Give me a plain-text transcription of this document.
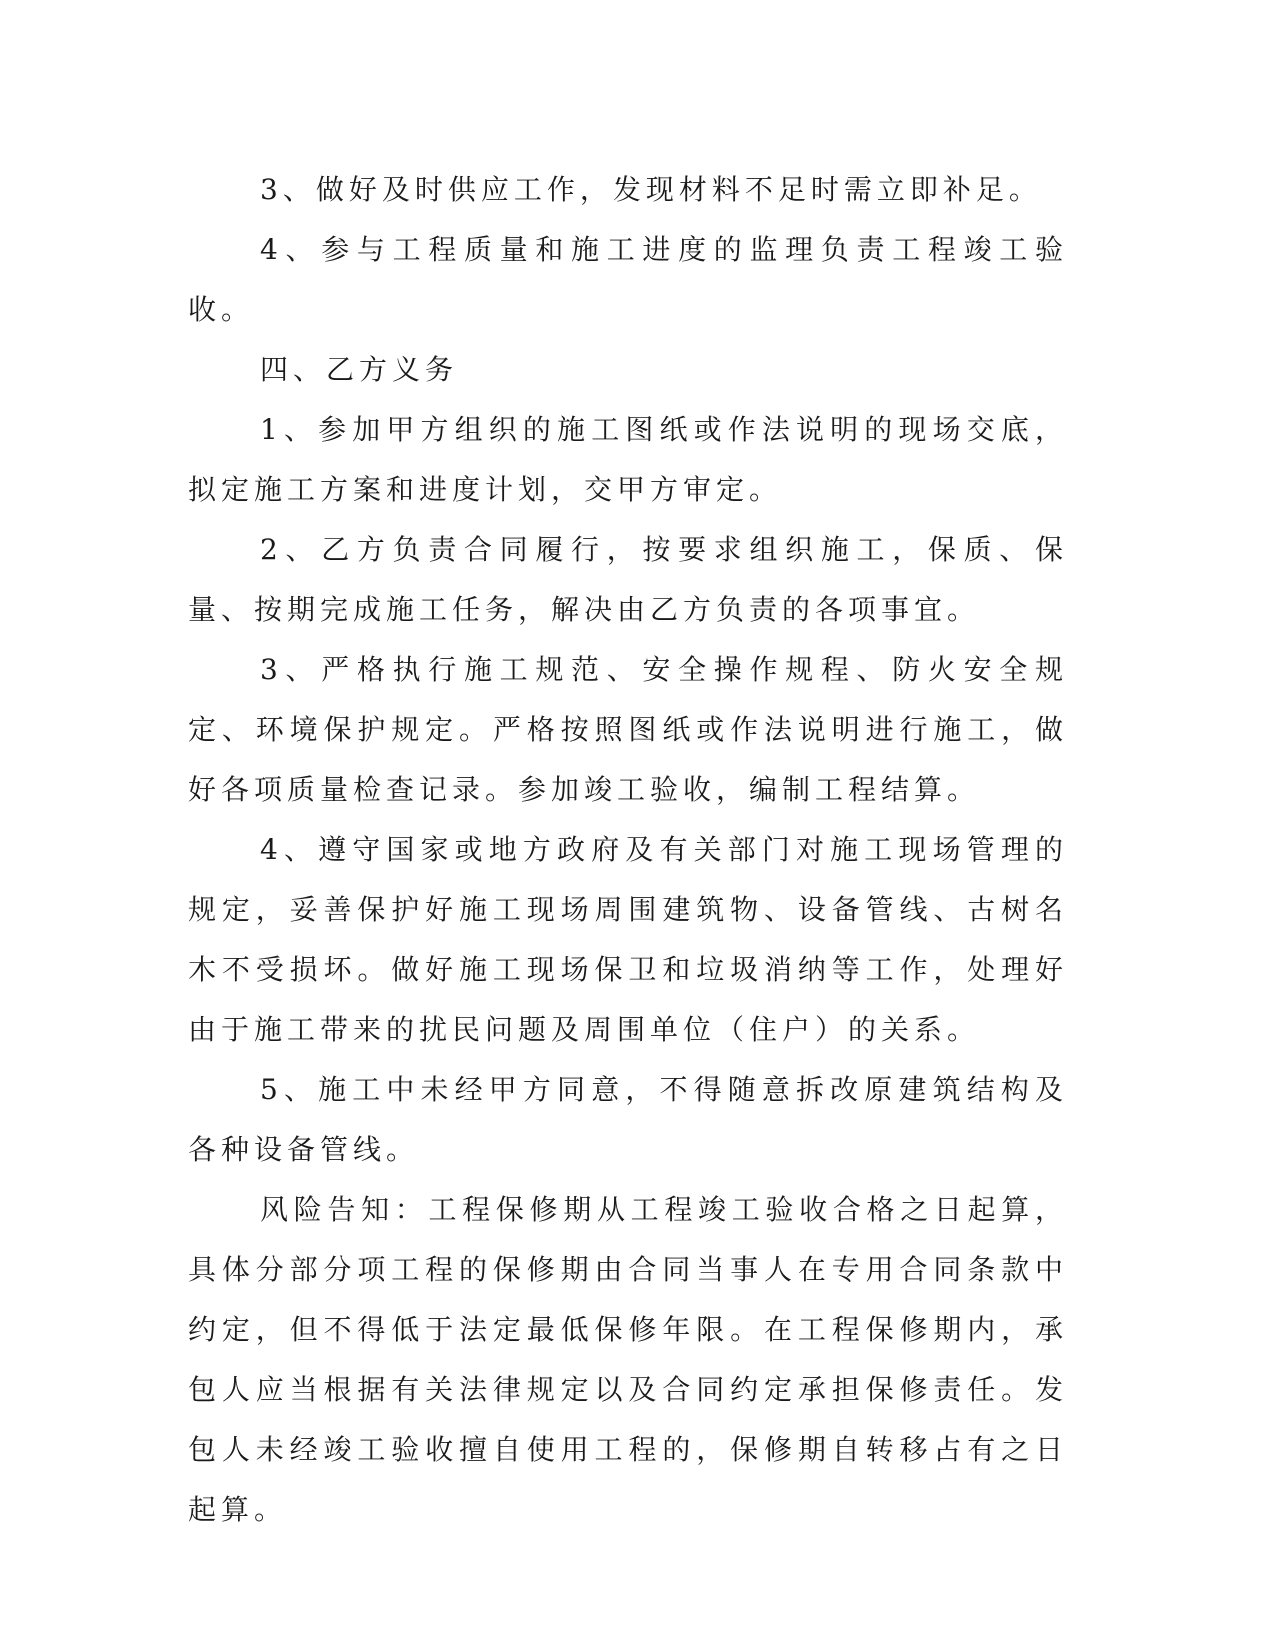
3、做好及时供应工作，发现材料不足时需立即补足。

4、参与工程质量和施工进度的监理负责工程竣工验收。

四、乙方义务

1、参加甲方组织的施工图纸或作法说明的现场交底，拟定施工方案和进度计划，交甲方审定。

2、乙方负责合同履行，按要求组织施工，保质、保量、按期完成施工任务，解决由乙方负责的各项事宜。

3、严格执行施工规范、安全操作规程、防火安全规定、环境保护规定。严格按照图纸或作法说明进行施工，做好各项质量检查记录。参加竣工验收，编制工程结算。

4、遵守国家或地方政府及有关部门对施工现场管理的规定，妥善保护好施工现场周围建筑物、设备管线、古树名木不受损坏。做好施工现场保卫和垃圾消纳等工作，处理好由于施工带来的扰民问题及周围单位（住户）的关系。

5、施工中未经甲方同意，不得随意拆改原建筑结构及各种设备管线。

风险告知：工程保修期从工程竣工验收合格之日起算，具体分部分项工程的保修期由合同当事人在专用合同条款中约定，但不得低于法定最低保修年限。在工程保修期内，承包人应当根据有关法律规定以及合同约定承担保修责任。发包人未经竣工验收擅自使用工程的，保修期自转移占有之日起算。
